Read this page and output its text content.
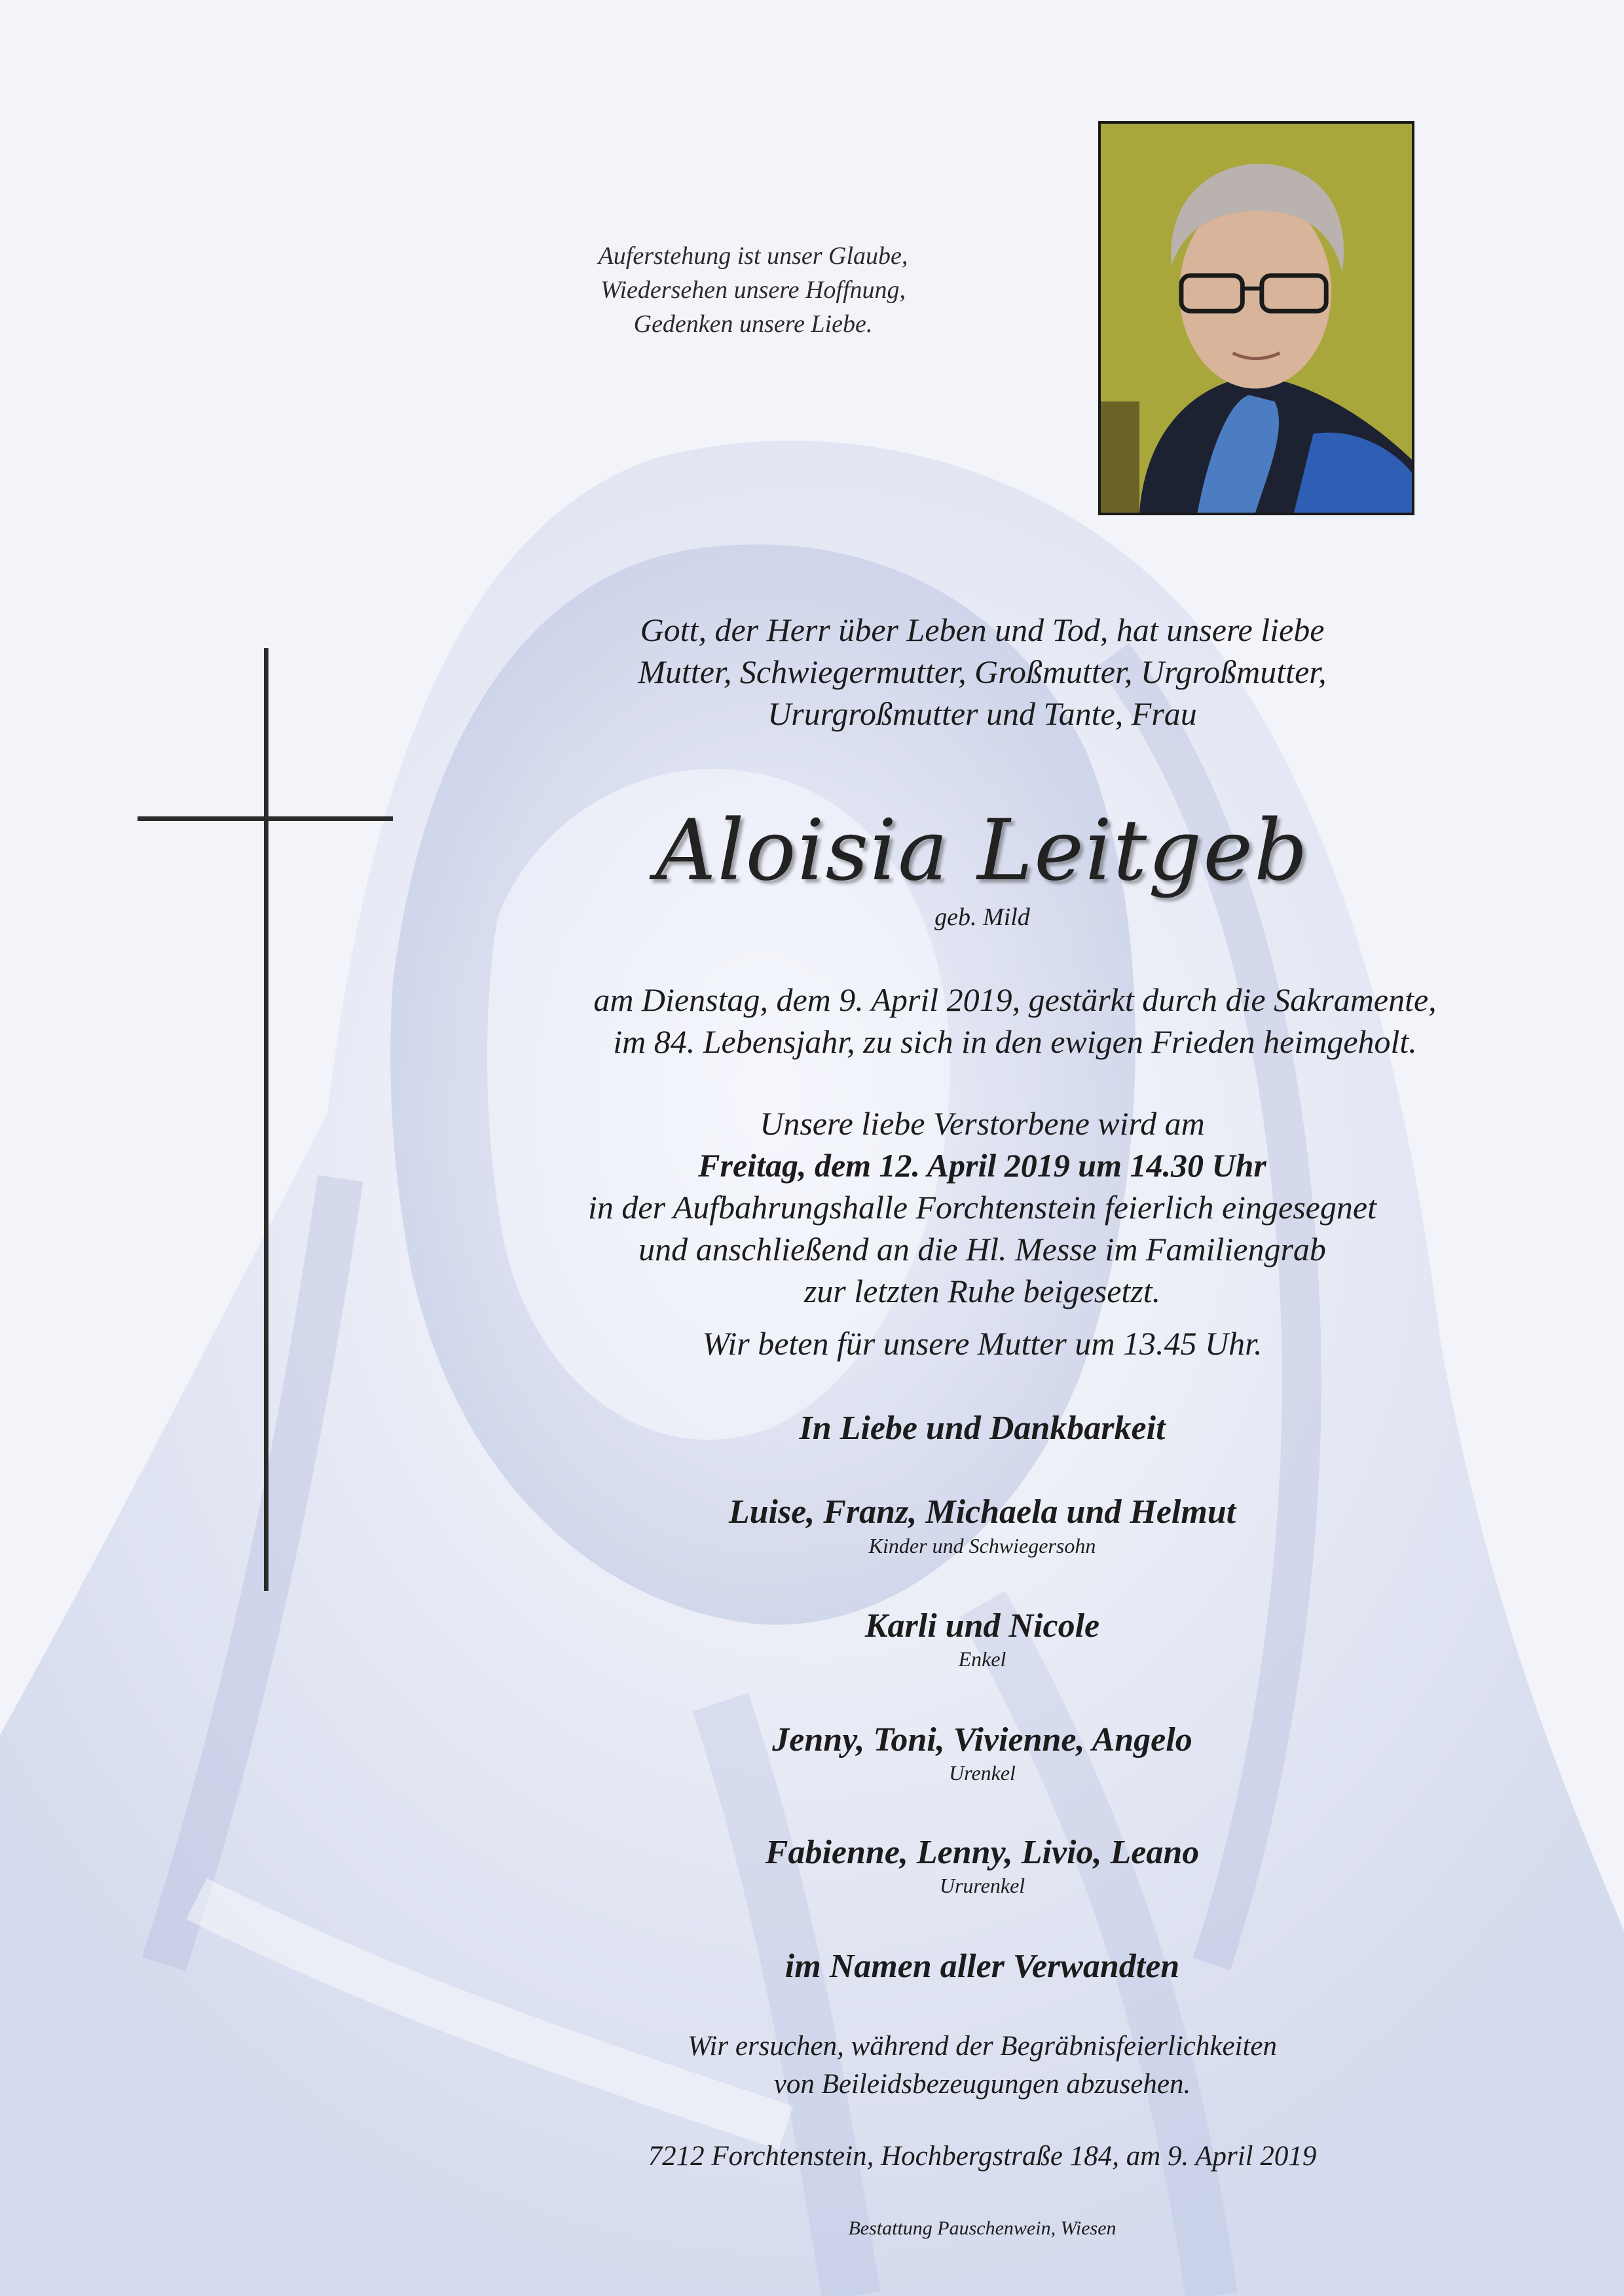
Auferstehung ist unser Glaube,
Wiedersehen unsere Hoffnung,
Gedenken unsere Liebe.
Gott, der Herr über Leben und Tod, hat unsere liebe
Mutter, Schwiegermutter, Großmutter, Urgroßmutter,
Ururgroßmutter und Tante, Frau
Aloisia Leitgeb
geb. Mild
am Dienstag, dem 9. April 2019, gestärkt durch die Sakramente,
im 84. Lebensjahr, zu sich in den ewigen Frieden heimgeholt.
Unsere liebe Verstorbene wird am
Freitag, dem 12. April 2019 um 14.30 Uhr
in der Aufbahrungshalle Forchtenstein feierlich eingesegnet
und anschließend an die Hl. Messe im Familiengrab
zur letzten Ruhe beigesetzt.
Wir beten für unsere Mutter um 13.45 Uhr.
In Liebe und Dankbarkeit
Luise, Franz, Michaela und Helmut
Kinder und Schwiegersohn
Karli und Nicole
Enkel
Jenny, Toni, Vivienne, Angelo
Urenkel
Fabienne, Lenny, Livio, Leano
Ururenkel
im Namen aller Verwandten
Wir ersuchen, während der Begräbnisfeierlichkeiten
von Beileidsbezeugungen abzusehen.
7212 Forchtenstein, Hochbergstraße 184, am 9. April 2019
Bestattung Pauschenwein, Wiesen
